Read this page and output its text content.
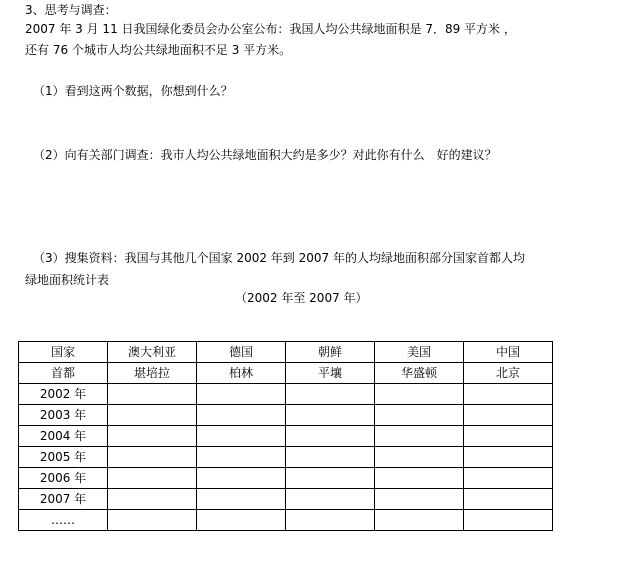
3、思考与调查：
2007 年 3 月 11 日我国绿化委员会办公室公布：我国人均公共绿地面积是 7．89 平方米 ，
还有 76 个城市人均公共绿地面积不足 3 平方米。
（1）看到这两个数据，你想到什么？
（2）向有关部门调查：我市人均公共绿地面积大约是多少？对此你有什么　好的建议？
（3）搜集资料：我国与其他几个国家 2002 年到 2007 年的人均绿地面积部分国家首都人均
绿地面积统计表
（2002 年至 2007 年）
国家	澳大利亚	德国	朝鲜	美国	中国
首都	堪培拉	柏林	平壤	华盛顿	北京
2002 年					
2003 年					
2004 年					
2005 年					
2006 年					
2007 年					
……					
